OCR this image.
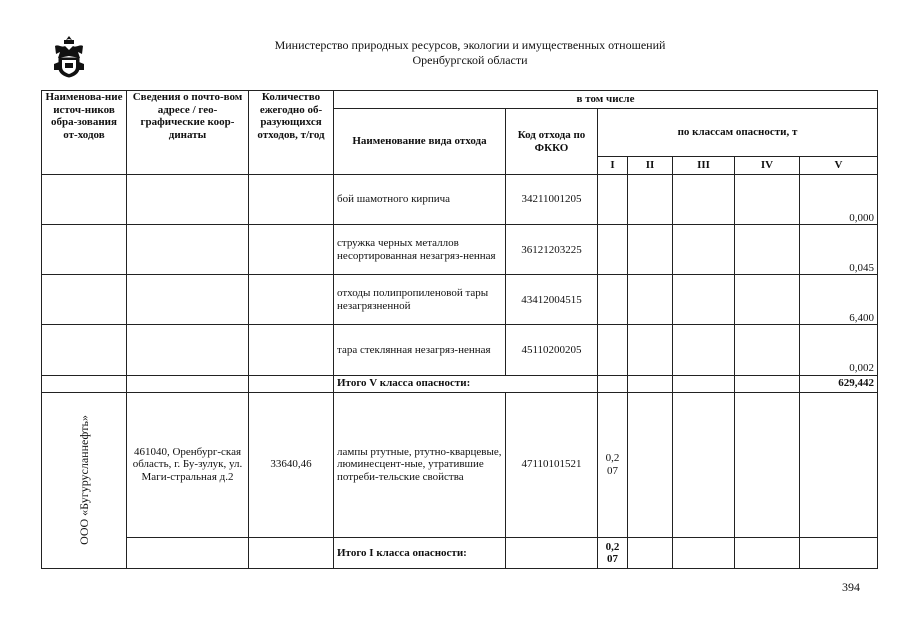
Министерство природных ресурсов, экологии и имущественных отношений
Оренбургской области
Наименова-ние источ-ников обра-зования от-ходов	Сведения о почто-вом адресе / гео-графические коор-динаты	Количество ежегодно об-разующихся отходов, т/год	в том числе						
			Наименование вида отхода	Код отхода по ФККО	по классам опасности, т				
					I	II	III	IV	V
			бой шамотного кирпича	34211001205					0,000
			стружка черных металлов несортированная незагряз-ненная	36121203225					0,045
			отходы полипропиленовой тары незагрязненной	43412004515					6,400
			тара стеклянная незагряз-ненная	45110200205					0,002
			Итого V класса опасности:						629,442

ООО «Бугурусланнефть»	461040, Оренбург-ская область, г. Бу-зулук, ул. Маги-стральная д.2	33640,46	лампы ртутные, ртутно-кварцевые, люминесцент-ные, утратившие потреби-тельские свойства	47110101521	0,2 07				
			Итого I класса опасности:		0,2 07				
394
